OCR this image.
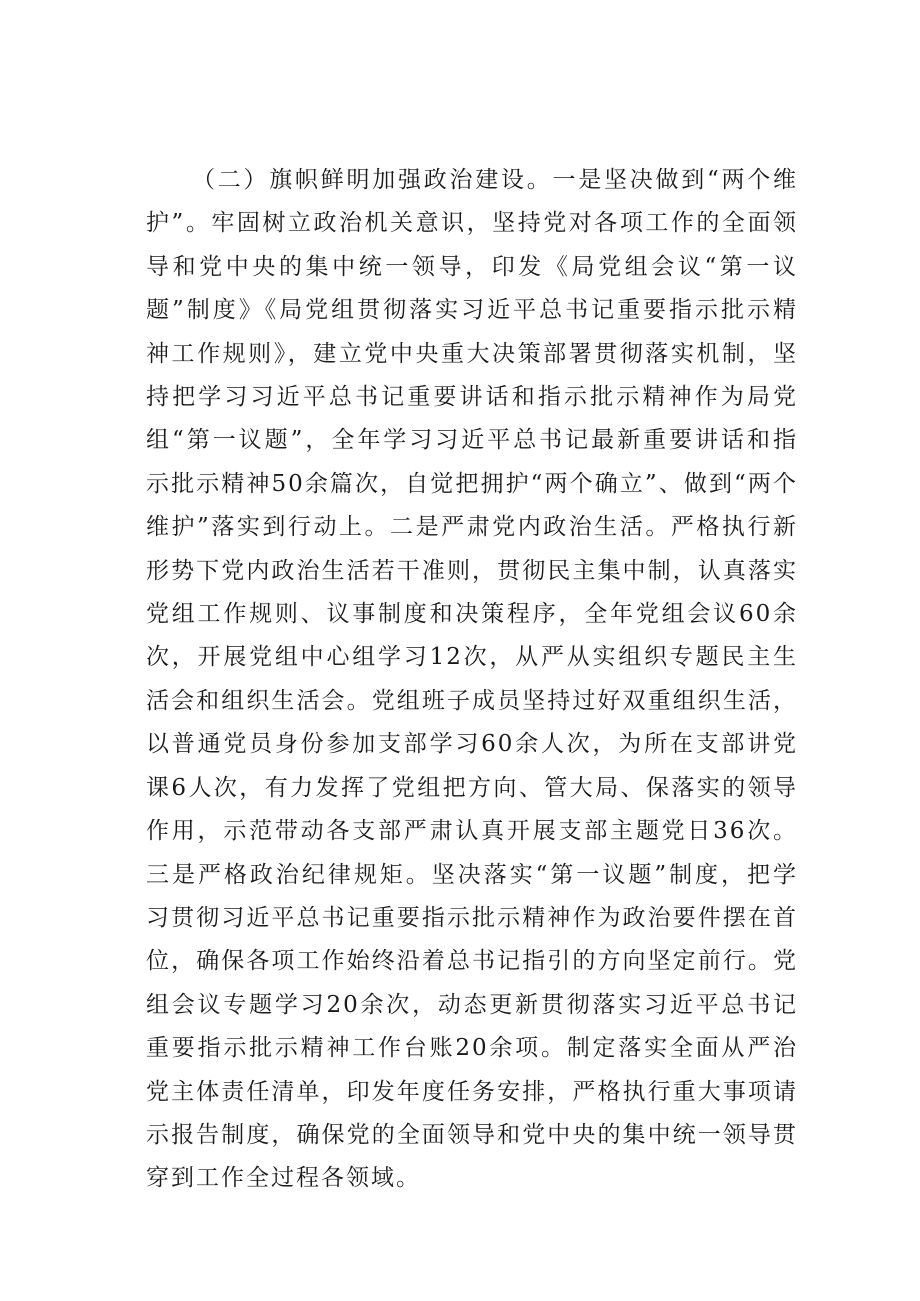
（二）旗帜鲜明加强政治建设。一是坚决做到“两个维护”。牢固树立政治机关意识，坚持党对各项工作的全面领导和党中央的集中统一领导，印发《局党组会议“第一议题”制度》《局党组贯彻落实习近平总书记重要指示批示精神工作规则》，建立党中央重大决策部署贯彻落实机制，坚持把学习习近平总书记重要讲话和指示批示精神作为局党组“第一议题”，全年学习习近平总书记最新重要讲话和指示批示精神50余篇次，自觉把拥护“两个确立”、做到“两个维护”落实到行动上。二是严肃党内政治生活。严格执行新形势下党内政治生活若干准则，贯彻民主集中制，认真落实党组工作规则、议事制度和决策程序，全年党组会议60余次，开展党组中心组学习12次，从严从实组织专题民主生活会和组织生活会。党组班子成员坚持过好双重组织生活，以普通党员身份参加支部学习60余人次，为所在支部讲党课6人次，有力发挥了党组把方向、管大局、保落实的领导作用，示范带动各支部严肃认真开展支部主题党日36次。三是严格政治纪律规矩。坚决落实“第一议题”制度，把学习贯彻习近平总书记重要指示批示精神作为政治要件摆在首位，确保各项工作始终沿着总书记指引的方向坚定前行。党组会议专题学习20余次，动态更新贯彻落实习近平总书记重要指示批示精神工作台账20余项。制定落实全面从严治党主体责任清单，印发年度任务安排，严格执行重大事项请示报告制度，确保党的全面领导和党中央的集中统一领导贯穿到工作全过程各领域。
